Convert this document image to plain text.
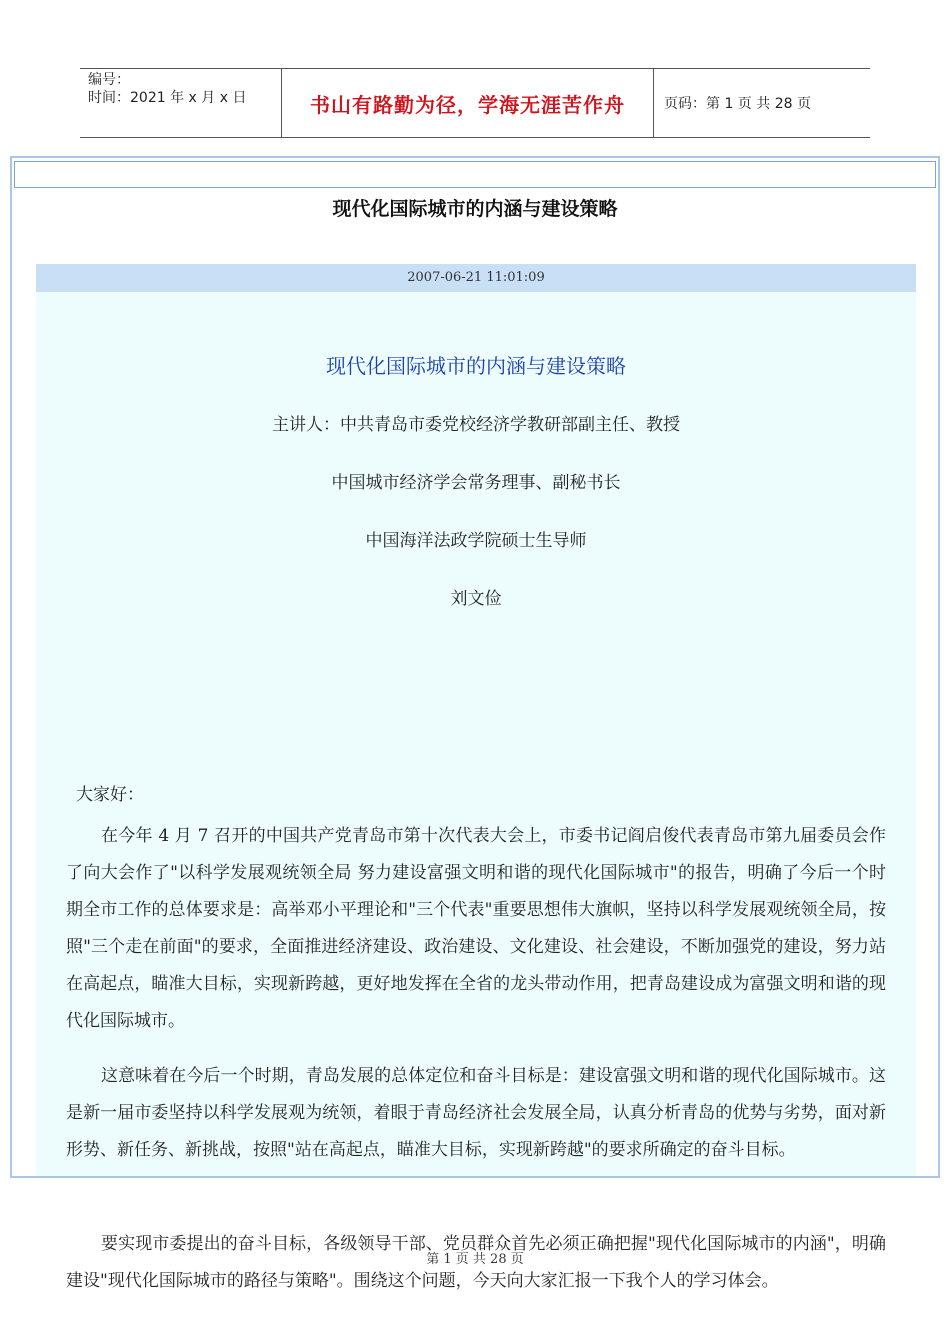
编号：
时间：2021 年 x 月 x 日	书山有路勤为径，学海无涯苦作舟	页码：第 1 页 共 28 页
现代化国际城市的内涵与建设策略
2007-06-21 11:01:09
现代化国际城市的内涵与建设策略
主讲人：中共青岛市委党校经济学教研部副主任、教授
中国城市经济学会常务理事、副秘书长
中国海洋法政学院硕士生导师
刘文俭
大家好：

在今年 4 月 7 召开的中国共产党青岛市第十次代表大会上，市委书记阎启俊代表青岛市第九届委员会作了向大会作了"以科学发展观统领全局 努力建设富强文明和谐的现代化国际城市"的报告，明确了今后一个时期全市工作的总体要求是：高举邓小平理论和"三个代表"重要思想伟大旗帜，坚持以科学发展观统领全局，按照"三个走在前面"的要求，全面推进经济建设、政治建设、文化建设、社会建设，不断加强党的建设，努力站在高起点，瞄准大目标，实现新跨越，更好地发挥在全省的龙头带动作用，把青岛建设成为富强文明和谐的现代化国际城市。

这意味着在今后一个时期，青岛发展的总体定位和奋斗目标是：建设富强文明和谐的现代化国际城市。这是新一届市委坚持以科学发展观为统领，着眼于青岛经济社会发展全局，认真分析青岛的优势与劣势，面对新形势、新任务、新挑战，按照"站在高起点，瞄准大目标，实现新跨越"的要求所确定的奋斗目标。

要实现市委提出的奋斗目标，各级领导干部、党员群众首先必须正确把握"现代化国际城市的内涵"，明确建设"现代化国际城市的路径与策略"。围绕这个问题，今天向大家汇报一下我个人的学习体会。

第 1 页 共 28 页
